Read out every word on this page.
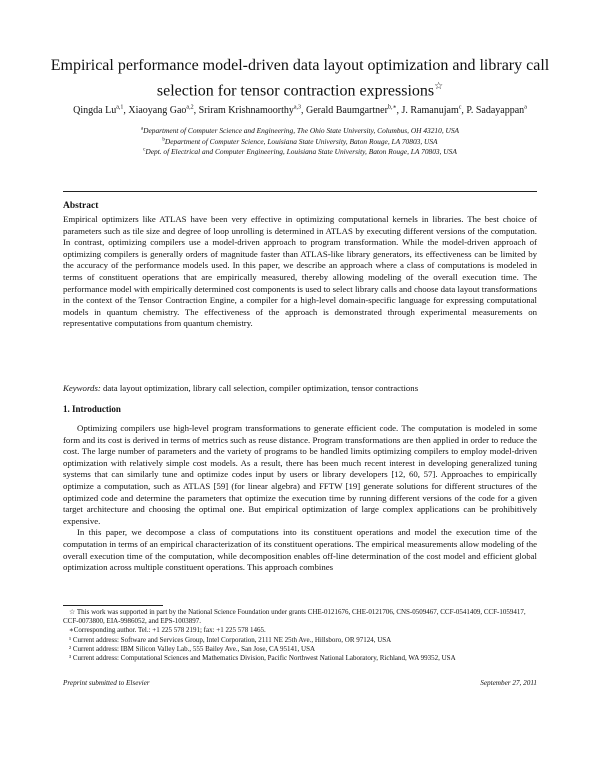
Empirical performance model-driven data layout optimization and library call
selection for tensor contraction expressions☆
Qingda Lu$^{a,1}$, Xiaoyang Gao$^{a,2}$, Sriram Krishnamoorthy$^{a,3}$, Gerald Baumgartner$^{b,∗}$, J. Ramanujam$^c$, P. Sadayappan$^a$
$^a$Department of Computer Science and Engineering, The Ohio State University, Columbus, OH 43210, USA
$^b$Department of Computer Science, Louisiana State University, Baton Rouge, LA 70803, USA
$^c$Dept. of Electrical and Computer Engineering, Louisiana State University, Baton Rouge, LA 70803, USA
Abstract
Empirical optimizers like ATLAS have been very effective in optimizing computational kernels in libraries. The best choice of parameters such as tile size and degree of loop unrolling is determined in ATLAS by executing different versions of the computation. In contrast, optimizing compilers use a model-driven approach to program transformation. While the model-driven approach of optimizing compilers is generally orders of magnitude faster than ATLAS-like library generators, its effectiveness can be limited by the accuracy of the performance models used. In this paper, we describe an approach where a class of computations is modeled in terms of constituent operations that are empirically measured, thereby allowing modeling of the overall execution time. The performance model with empirically determined cost components is used to select library calls and choose data layout transformations in the context of the Tensor Contraction Engine, a compiler for a high-level domain-specific language for expressing computational models in quantum chemistry. The effectiveness of the approach is demonstrated through experimental measurements on representative computations from quantum chemistry.
Keywords: data layout optimization, library call selection, compiler optimization, tensor contractions
1. Introduction

Optimizing compilers use high-level program transformations to generate efficient code. The computation is modeled in some form and its cost is derived in terms of metrics such as reuse distance. Program transformations are then applied in order to reduce the cost. The large number of parameters and the variety of programs to be handled limits optimizing compilers to employ model-driven optimization with relatively simple cost models. As a result, there has been much recent interest in developing generalized tuning systems that can similarly tune and optimize codes input by users or library developers [12, 60, 57]. Approaches to empirically optimize a computation, such as ATLAS [59] (for linear algebra) and FFTW [19] generate solutions for different structures of the optimized code and determine the parameters that optimize the execution time by running different versions of the code for a given target architecture and choosing the optimal one. But empirical optimization of large complex applications can be prohibitively expensive.

In this paper, we decompose a class of computations into its constituent operations and model the execution time of the computation in terms of an empirical characterization of its constituent operations. The empirical measurements allow modeling of the overall execution time of the computation, while decomposition enables off-line determination of the cost model and efficient global optimization across multiple constituent operations. This approach combines

☆ This work was supported in part by the National Science Foundation under grants CHE-0121676, CHE-0121706, CNS-0509467, CCF-0541409, CCF-1059417, CCF-0073800, EIA-9986052, and EPS-1003897.
∗Corresponding author. Tel.: +1 225 578 2191; fax: +1 225 578 1465.
¹ Current address: Software and Services Group, Intel Corporation, 2111 NE 25th Ave., Hillsboro, OR 97124, USA
² Current address: IBM Silicon Valley Lab., 555 Bailey Ave., San Jose, CA 95141, USA
³ Current address: Computational Sciences and Mathematics Division, Pacific Northwest National Laboratory, Richland, WA 99352, USA
Preprint submitted to Elsevier	September 27, 2011
